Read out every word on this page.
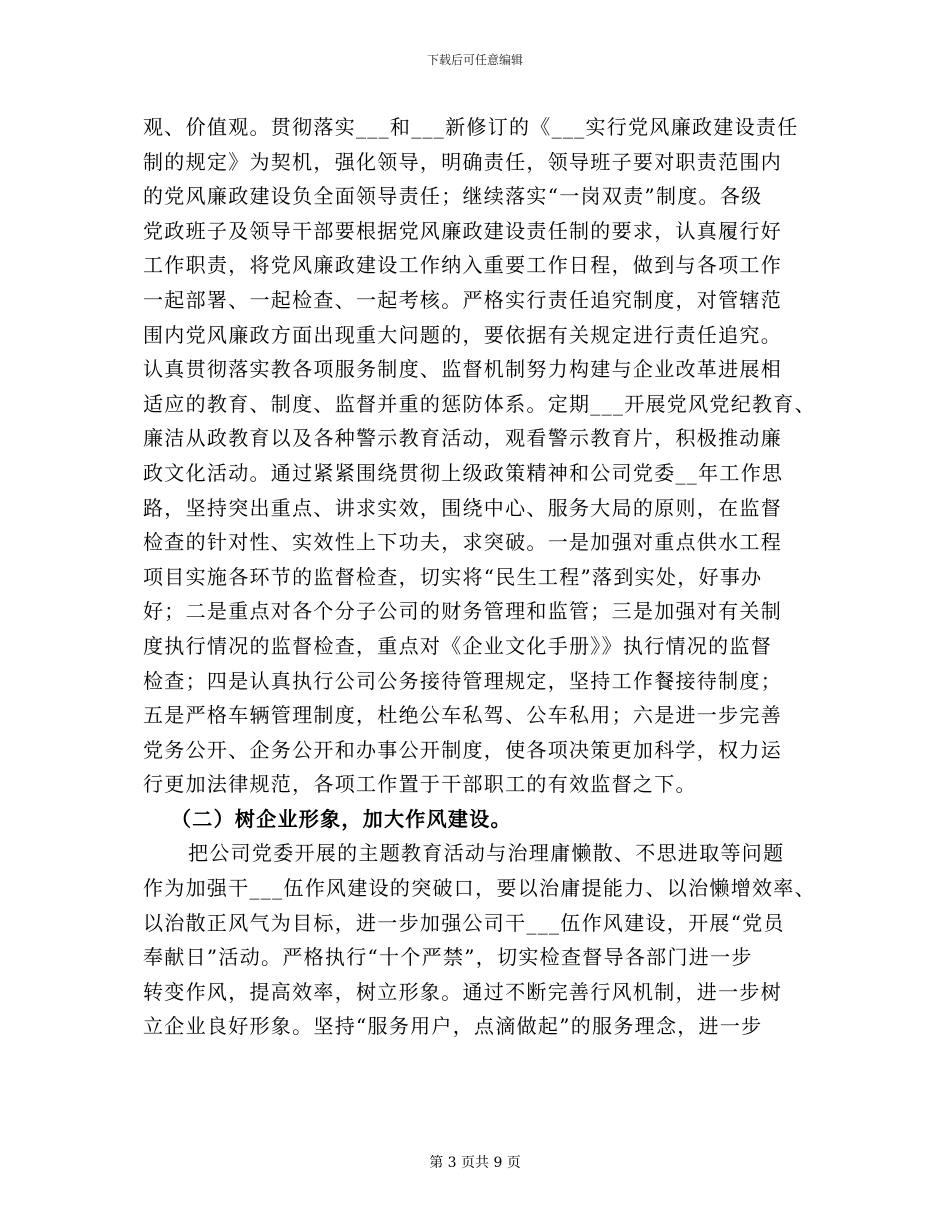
下载后可任意编辑
观、价值观。贯彻落实___和___新修订的《___实行党风廉政建设责任
制的规定》为契机，强化领导，明确责任，领导班子要对职责范围内
的党风廉政建设负全面领导责任；继续落实“一岗双责”制度。各级
党政班子及领导干部要根据党风廉政建设责任制的要求，认真履行好
工作职责，将党风廉政建设工作纳入重要工作日程，做到与各项工作
一起部署、一起检查、一起考核。严格实行责任追究制度，对管辖范
围内党风廉政方面出现重大问题的，要依据有关规定进行责任追究。
认真贯彻落实教各项服务制度、监督机制努力构建与企业改革进展相
适应的教育、制度、监督并重的惩防体系。定期___开展党风党纪教育、
廉洁从政教育以及各种警示教育活动，观看警示教育片，积极推动廉
政文化活动。通过紧紧围绕贯彻上级政策精神和公司党委__年工作思
路，坚持突出重点、讲求实效，围绕中心、服务大局的原则，在监督
检查的针对性、实效性上下功夫，求突破。一是加强对重点供水工程
项目实施各环节的监督检查，切实将“民生工程”落到实处，好事办
好；二是重点对各个分子公司的财务管理和监管；三是加强对有关制
度执行情况的监督检查，重点对《企业文化手册》》执行情况的监督
检查；四是认真执行公司公务接待管理规定，坚持工作餐接待制度；
五是严格车辆管理制度，杜绝公车私驾、公车私用；六是进一步完善
党务公开、企务公开和办事公开制度，使各项决策更加科学，权力运
行更加法律规范，各项工作置于干部职工的有效监督之下。
（二）树企业形象，加大作风建设。
把公司党委开展的主题教育活动与治理庸懒散、不思进取等问题
作为加强干___伍作风建设的突破口，要以治庸提能力、以治懒增效率、
以治散正风气为目标，进一步加强公司干___伍作风建设，开展“党员
奉献日”活动。严格执行“十个严禁”，切实检查督导各部门进一步
转变作风，提高效率，树立形象。通过不断完善行风机制，进一步树
立企业良好形象。坚持“服务用户，点滴做起”的服务理念，进一步
第 3 页共 9 页
